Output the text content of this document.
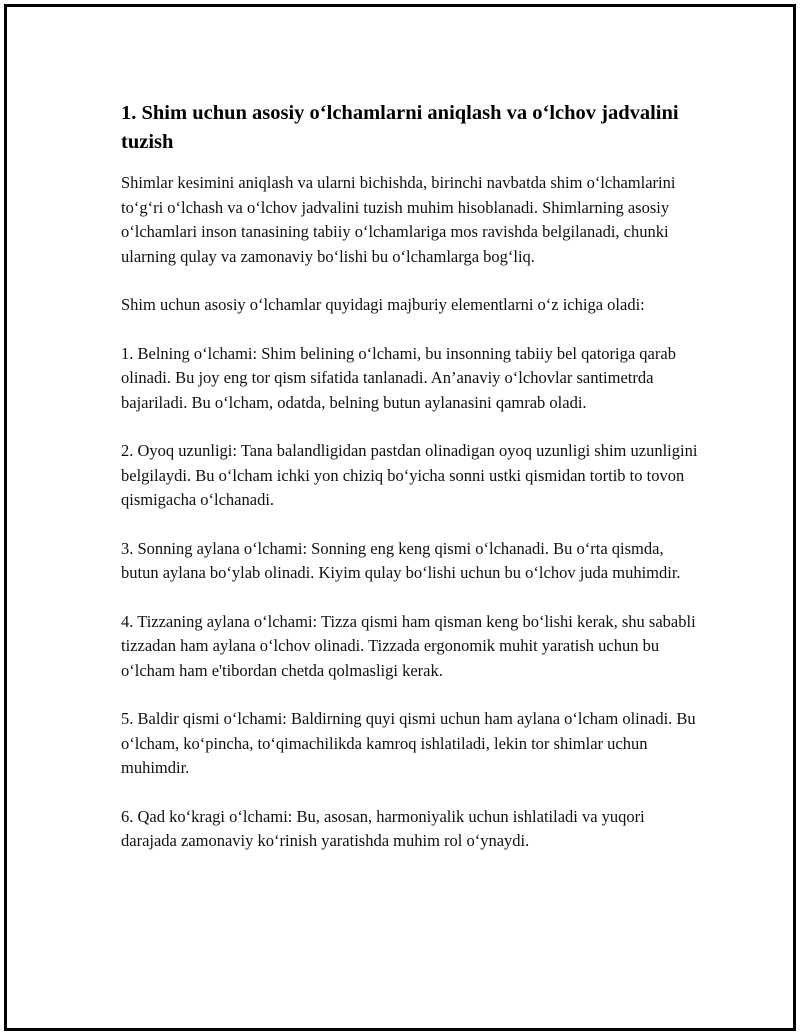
1. Shim uchun asosiy oʻlchamlarni aniqlash va oʻlchov jadvalini tuzish

Shimlar kesimini aniqlash va ularni bichishda, birinchi navbatda shim oʻlchamlarini toʻgʻri oʻlchash va oʻlchov jadvalini tuzish muhim hisoblanadi. Shimlarning asosiy oʻlchamlari inson tanasining tabiiy oʻlchamlariga mos ravishda belgilanadi, chunki ularning qulay va zamonaviy boʻlishi bu oʻlchamlarga bogʻliq.

Shim uchun asosiy oʻlchamlar quyidagi majburiy elementlarni oʻz ichiga oladi:

1. Belning oʻlchami: Shim belining oʻlchami, bu insonning tabiiy bel qatoriga qarab olinadi. Bu joy eng tor qism sifatida tanlanadi. An’anaviy oʻlchovlar santimetrda bajariladi. Bu oʻlcham, odatda, belning butun aylanasini qamrab oladi.

2. Oyoq uzunligi: Tana balandligidan pastdan olinadigan oyoq uzunligi shim uzunligini belgilaydi. Bu oʻlcham ichki yon chiziq boʻyicha sonni ustki qismidan tortib to tovon qismigacha oʻlchanadi.

3. Sonning aylana oʻlchami: Sonning eng keng qismi oʻlchanadi. Bu oʻrta qismda, butun aylana boʻylab olinadi. Kiyim qulay boʻlishi uchun bu oʻlchov juda muhimdir.

4. Tizzaning aylana oʻlchami: Tizza qismi ham qisman keng boʻlishi kerak, shu sababli tizzadan ham aylana oʻlchov olinadi. Tizzada ergonomik muhit yaratish uchun bu oʻlcham ham e'tibordan chetda qolmasligi kerak.

5. Baldir qismi oʻlchami: Baldirning quyi qismi uchun ham aylana oʻlcham olinadi. Bu oʻlcham, koʻpincha, toʻqimachilikda kamroq ishlatiladi, lekin tor shimlar uchun muhimdir.

6. Qad koʻkragi oʻlchami: Bu, asosan, harmoniyalik uchun ishlatiladi va yuqori darajada zamonaviy koʻrinish yaratishda muhim rol oʻynaydi.
